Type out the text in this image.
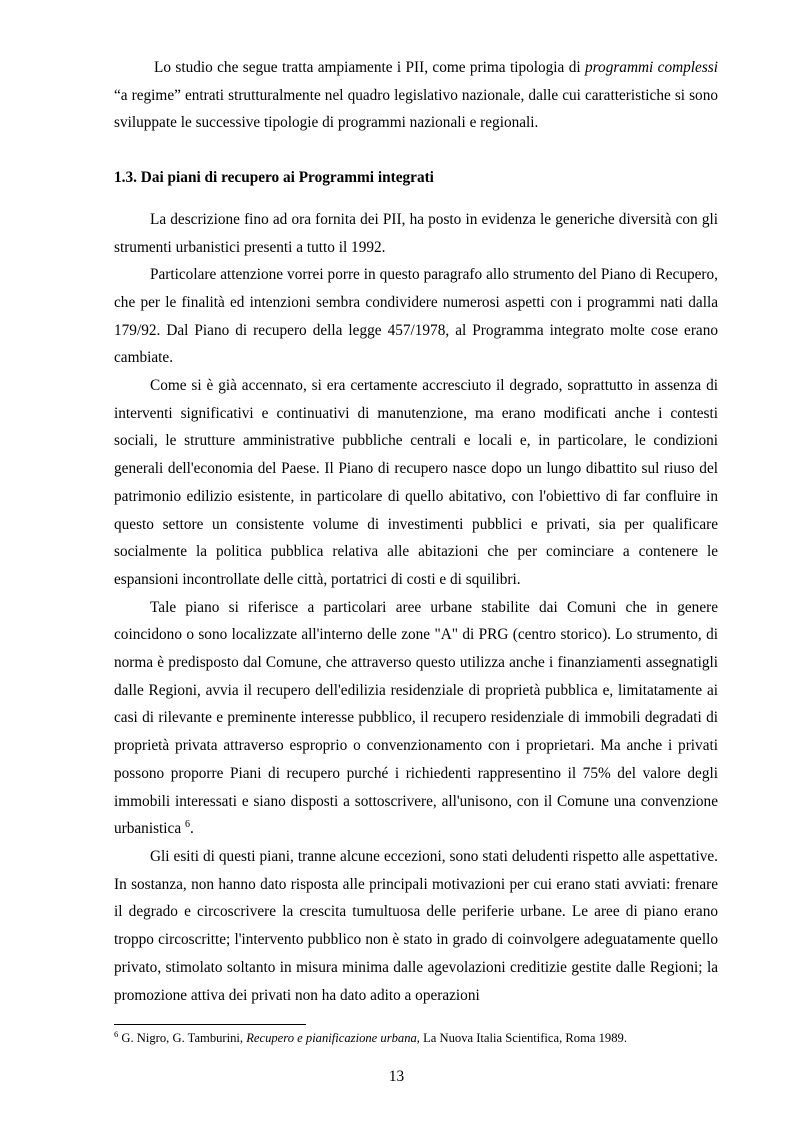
Lo studio che segue tratta ampiamente i PII, come prima tipologia di programmi complessi “a regime” entrati strutturalmente nel quadro legislativo nazionale, dalle cui caratteristiche si sono sviluppate le successive tipologie di programmi nazionali e regionali.

1.3. Dai piani di recupero ai Programmi integrati

La descrizione fino ad ora fornita dei PII, ha posto in evidenza le generiche diversità con gli strumenti urbanistici presenti a tutto il 1992.

Particolare attenzione vorrei porre in questo paragrafo allo strumento del Piano di Recupero, che per le finalità ed intenzioni sembra condividere numerosi aspetti con i programmi nati dalla 179/92. Dal Piano di recupero della legge 457/1978, al Programma integrato molte cose erano cambiate.

Come si è già accennato, si era certamente accresciuto il degrado, soprattutto in assenza di interventi significativi e continuativi di manutenzione, ma erano modificati anche i contesti sociali, le strutture amministrative pubbliche centrali e locali e, in particolare, le condizioni generali dell'economia del Paese. Il Piano di recupero nasce dopo un lungo dibattito sul riuso del patrimonio edilizio esistente, in particolare di quello abitativo, con l'obiettivo di far confluire in questo settore un consistente volume di investimenti pubblici e privati, sia per qualificare socialmente la politica pubblica relativa alle abitazioni che per cominciare a contenere le espansioni incontrollate delle città, portatrici di costi e di squilibri.

Tale piano si riferisce a particolari aree urbane stabilite dai Comuni che in genere coincidono o sono localizzate all'interno delle zone "A" di PRG (centro storico). Lo strumento, di norma è predisposto dal Comune, che attraverso questo utilizza anche i finanziamenti assegnatigli dalle Regioni, avvia il recupero dell'edilizia residenziale di proprietà pubblica e, limitatamente ai casi di rilevante e preminente interesse pubblico, il recupero residenziale di immobili degradati di proprietà privata attraverso esproprio o convenzionamento con i proprietari. Ma anche i privati possono proporre Piani di recupero purché i richiedenti rappresentino il 75% del valore degli immobili interessati e siano disposti a sottoscrivere, all'unisono, con il Comune una convenzione urbanistica $^6$.

Gli esiti di questi piani, tranne alcune eccezioni, sono stati deludenti rispetto alle aspettative. In sostanza, non hanno dato risposta alle principali motivazioni per cui erano stati avviati: frenare il degrado e circoscrivere la crescita tumultuosa delle periferie urbane. Le aree di piano erano troppo circoscritte; l'intervento pubblico non è stato in grado di coinvolgere adeguatamente quello privato, stimolato soltanto in misura minima dalle agevolazioni creditizie gestite dalle Regioni; la promozione attiva dei privati non ha dato adito a operazioni

$^6$ G. Nigro, G. Tamburini, Recupero e pianificazione urbana, La Nuova Italia Scientifica, Roma 1989.
13
